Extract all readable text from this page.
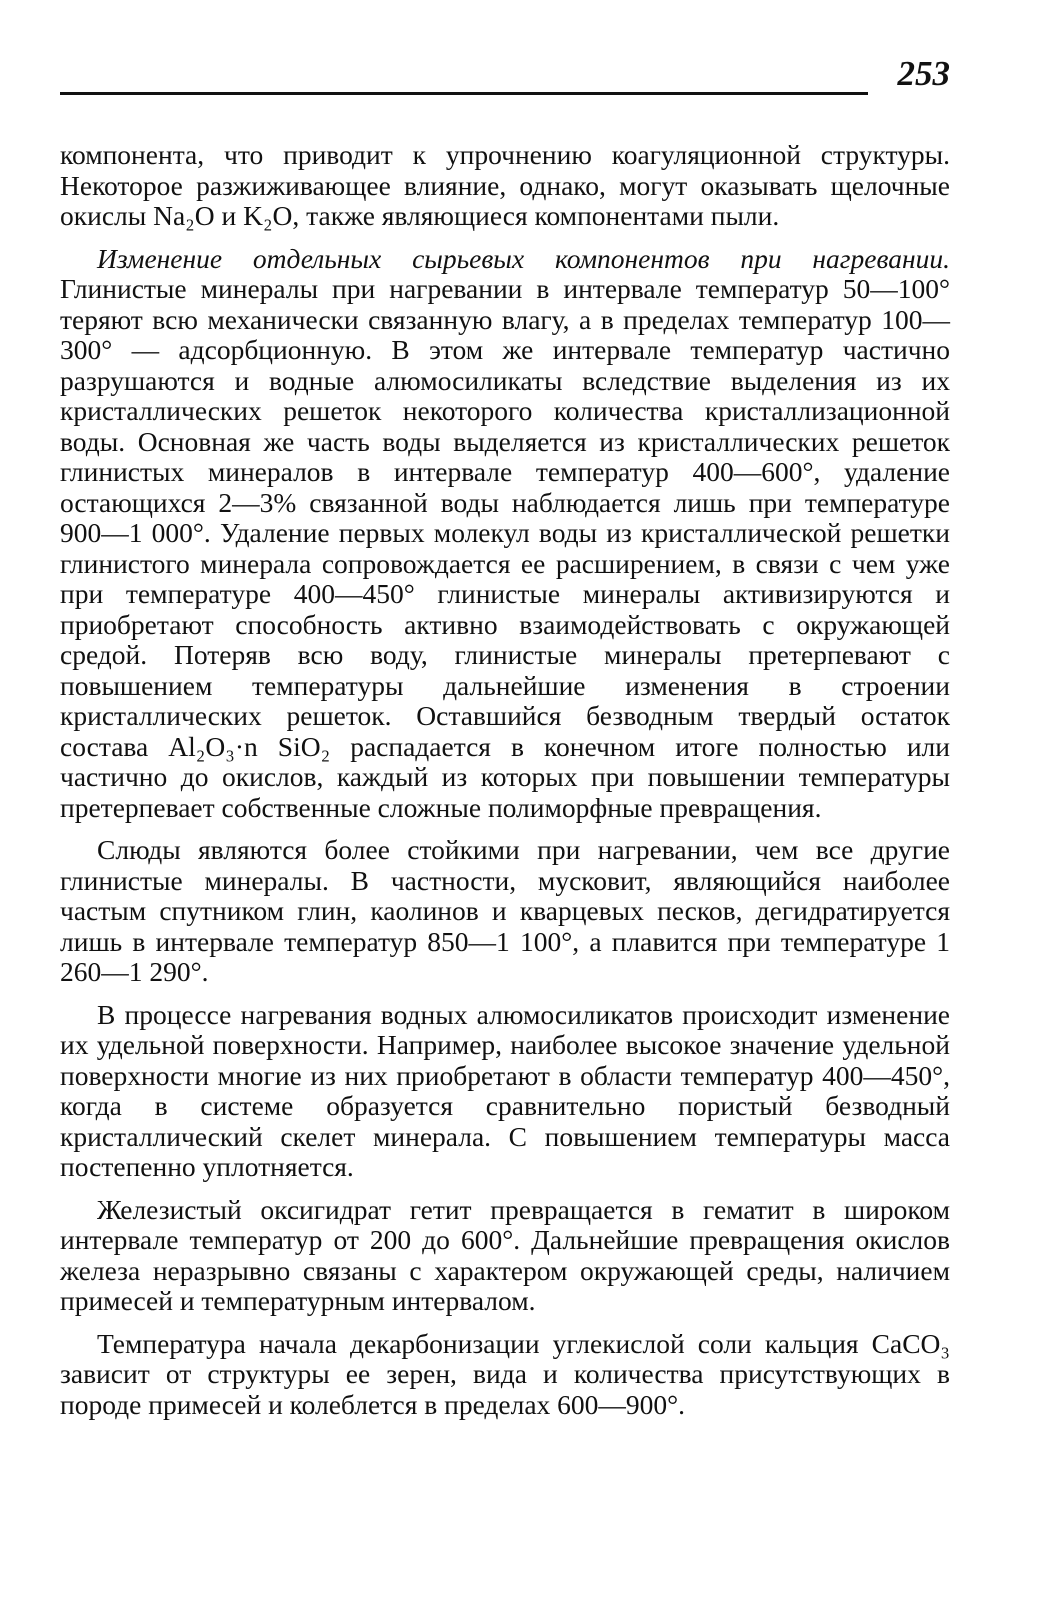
253

компонента, что приводит к упрочнению коагуляционной структуры. Некоторое разжиживающее влияние, однако, могут оказывать щелочные окислы Na₂O и K₂O, также являющиеся компонентами пыли.

Изменение отдельных сырьевых компонентов при нагревании. Глинистые минералы при нагревании в интервале температур 50—100° теряют всю механически связанную влагу, а в пределах температур 100—300° — адсорбционную. В этом же интервале температур частично разрушаются и водные алюмосиликаты вследствие выделения из их кристаллических решеток некоторого количества кристаллизационной воды. Основная же часть воды выделяется из кристаллических решеток глинистых минералов в интервале температур 400—600°, удаление остающихся 2—3% связанной воды наблюдается лишь при температуре 900—1 000°. Удаление первых молекул воды из кристаллической решетки глинистого минерала сопровождается ее расширением, в связи с чем уже при температуре 400—450° глинистые минералы активизируются и приобретают способность активно взаимодействовать с окружающей средой. Потеряв всю воду, глинистые минералы претерпевают с повышением температуры дальнейшие изменения в строении кристаллических решеток. Оставшийся безводным твердый остаток состава Al₂O₃·n SiO₂ распадается в конечном итоге полностью или частично до окислов, каждый из которых при повышении температуры претерпевает собственные сложные полиморфные превращения.

Слюды являются более стойкими при нагревании, чем все другие глинистые минералы. В частности, мусковит, являющийся наиболее частым спутником глин, каолинов и кварцевых песков, дегидратируется лишь в интервале температур 850—1 100°, а плавится при температуре 1 260—1 290°.

В процессе нагревания водных алюмосиликатов происходит изменение их удельной поверхности. Например, наиболее высокое значение удельной поверхности многие из них приобретают в области температур 400—450°, когда в системе образуется сравнительно пористый безводный кристаллический скелет минерала. С повышением температуры масса постепенно уплотняется.

Железистый оксигидрат гетит превращается в гематит в широком интервале температур от 200 до 600°. Дальнейшие превращения окислов железа неразрывно связаны с характером окружающей среды, наличием примесей и температурным интервалом.

Температура начала декарбонизации углекислой соли кальция CaCO₃ зависит от структуры ее зерен, вида и количества присутствующих в породе примесей и колеблется в пределах 600—900°.
